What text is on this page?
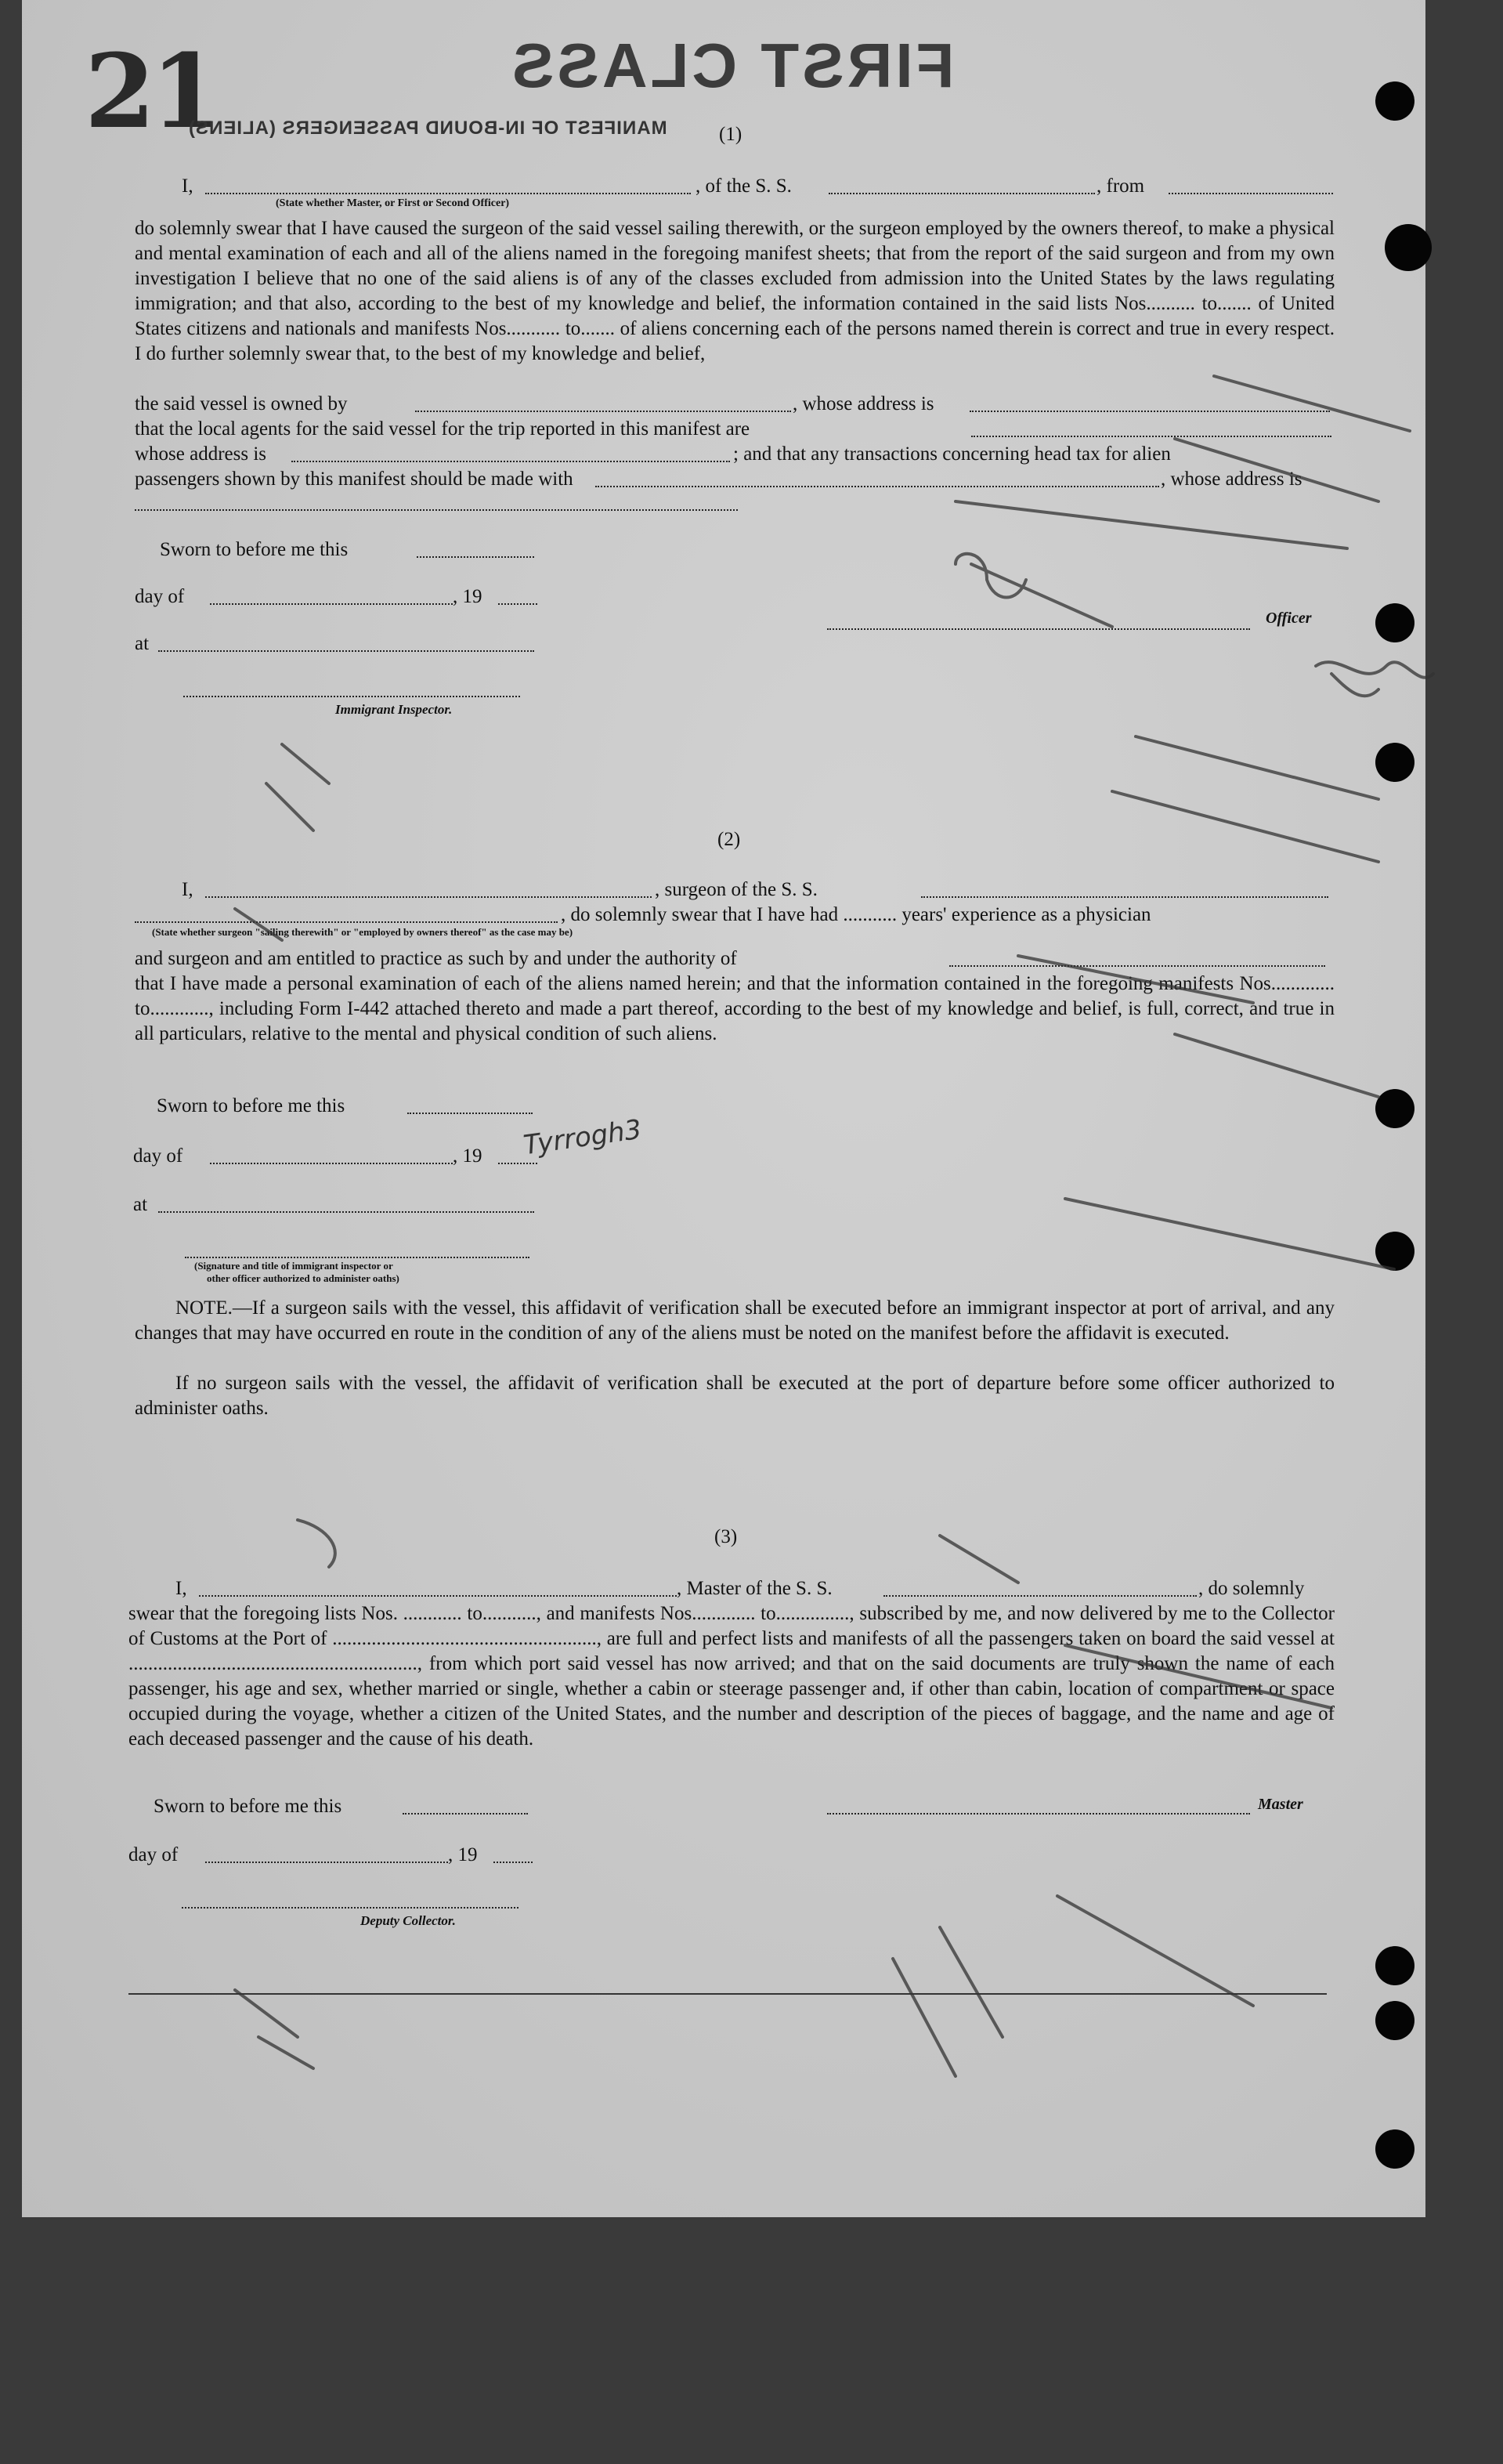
21	FIRST CLASS
MANIFEST OF IN-BOUND PASSENGERS (ALIENS)	(1)
I,	, of the S. S.	, from
(State whether Master, or First or Second Officer)
do solemnly swear that I have caused the surgeon of the said vessel sailing therewith, or the surgeon employed by the owners thereof, to make a physical and mental examination of each and all of the aliens named in the foregoing manifest sheets; that from the report of the said surgeon and from my own investigation I believe that no one of the said aliens is of any of the classes excluded from admission into the United States by the laws regulating immigration; and that also, according to the best of my knowledge and belief, the information contained in the said lists Nos.......... to....... of United States citizens and nationals and manifests Nos........... to....... of aliens concerning each of the persons named therein is correct and true in every respect. I do further solemnly swear that, to the best of my knowledge and belief,
the said vessel is owned by	, whose address is
that the local agents for the said vessel for the trip reported in this manifest are
whose address is	; and that any transactions concerning head tax for alien
passengers shown by this manifest should be made with	, whose address is
Sworn to before me this
day of	, 19
at
Officer
Immigrant Inspector.
(2)
I,	, surgeon of the S. S.
, do solemnly swear that I have had ........... years' experience as a physician
(State whether surgeon "sailing therewith" or "employed by owners thereof" as the case may be)
and surgeon and am entitled to practice as such by and under the authority of
that I have made a personal examination of each of the aliens named herein; and that the information contained in the foregoing manifests Nos............. to............, including Form I-442 attached thereto and made a part thereof, according to the best of my knowledge and belief, is full, correct, and true in all particulars, relative to the mental and physical condition of such aliens.
Sworn to before me this
day of	, 19
at
(Signature and title of immigrant inspector or
other officer authorized to administer oaths)
NOTE.—If a surgeon sails with the vessel, this affidavit of verification shall be executed before an immigrant inspector at port of arrival, and any changes that may have occurred en route in the condition of any of the aliens must be noted on the manifest before the affidavit is executed.
If no surgeon sails with the vessel, the affidavit of verification shall be executed at the port of departure before some officer authorized to administer oaths.
(3)
I,	, Master of the S. S.	, do solemnly
swear that the foregoing lists Nos. ............ to..........., and manifests Nos............. to..............., subscribed by me, and now delivered by me to the Collector of Customs at the Port of ......................................................, are full and perfect lists and manifests of all the passengers taken on board the said vessel at ..........................................................., from which port said vessel has now arrived; and that on the said documents are truly shown the name of each passenger, his age and sex, whether married or single, whether a cabin or steerage passenger and, if other than cabin, location of compartment or space occupied during the voyage, whether a citizen of the United States, and the number and description of the pieces of baggage, and the name and age of each deceased passenger and the cause of his death.
Sworn to before me this	Master
day of	, 19
Deputy Collector.
Tyrrogh3
